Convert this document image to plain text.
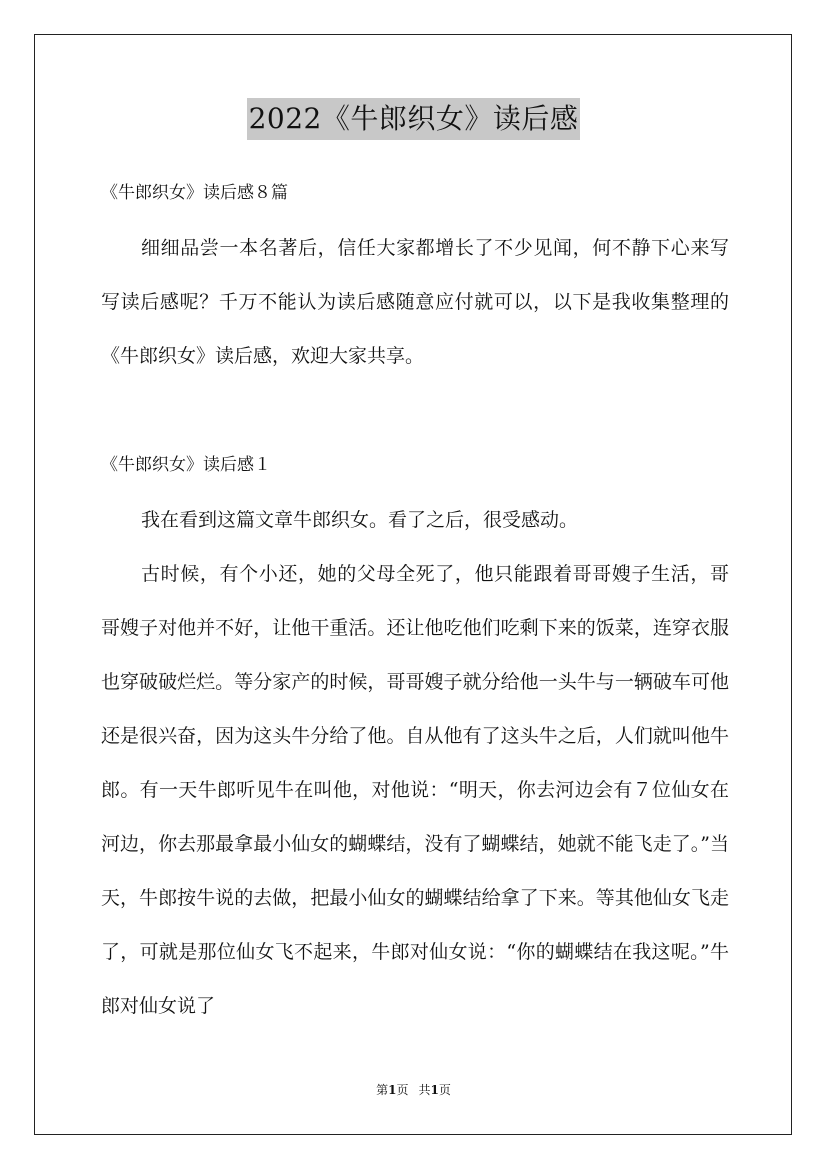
2022《牛郎织女》读后感
《牛郎织女》读后感８篇

细细品尝一本名著后，信任大家都增长了不少见闻，何不静下心来写写读后感呢？千万不能认为读后感随意应付就可以，以下是我收集整理的《牛郎织女》读后感，欢迎大家共享。

《牛郎织女》读后感１

我在看到这篇文章牛郎织女。看了之后，很受感动。

古时候，有个小还，她的父母全死了，他只能跟着哥哥嫂子生活，哥哥嫂子对他并不好，让他干重活。还让他吃他们吃剩下来的饭菜，连穿衣服也穿破破烂烂。等分家产的时候，哥哥嫂子就分给他一头牛与一辆破车可他还是很兴奋，因为这头牛分给了他。自从他有了这头牛之后，人们就叫他牛郎。有一天牛郎听见牛在叫他，对他说：“明天，你去河边会有７位仙女在河边，你去那最拿最小仙女的蝴蝶结，没有了蝴蝶结，她就不能飞走了。”当天，牛郎按牛说的去做，把最小仙女的蝴蝶结给拿了下来。等其他仙女飞走了，可就是那位仙女飞不起来，牛郎对仙女说：“你的蝴蝶结在我这呢。”牛郎对仙女说了

第1页 共1页
